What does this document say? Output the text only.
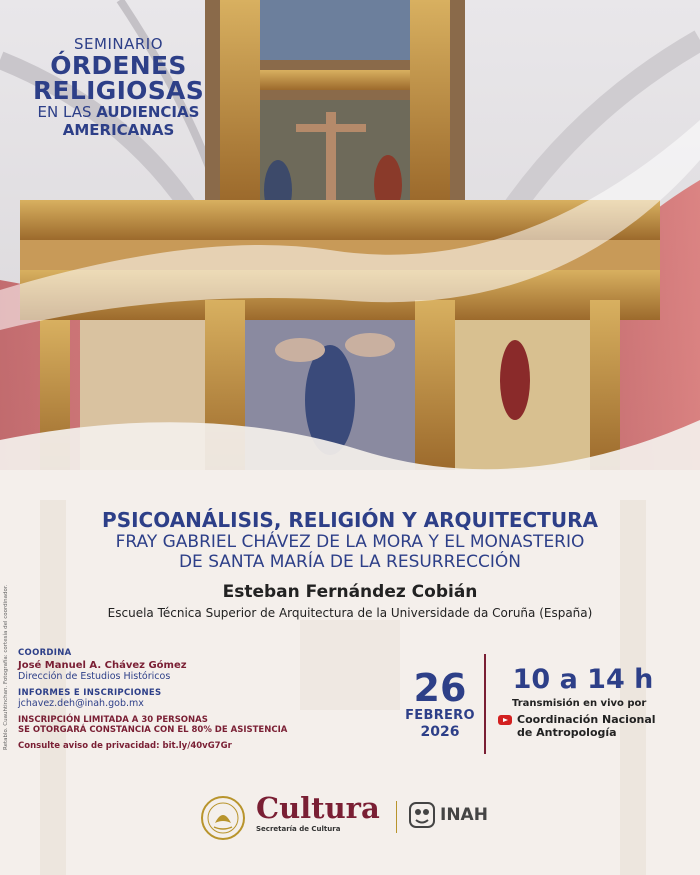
SEMINARIO
ÓRDENES
RELIGIOSAS
EN LAS AUDIENCIAS
AMERICANAS
PSICOANÁLISIS, RELIGIÓN Y ARQUITECTURA
FRAY GABRIEL CHÁVEZ DE LA MORA Y EL MONASTERIO
DE SANTA MARÍA DE LA RESURRECCIÓN
Esteban Fernández Cobián
Escuela Técnica Superior de Arquitectura de la Universidade da Coruña (España)
Retablo. Cuauhtinchan. Fotografía: cortesía del coordinador. COORDINA
José Manuel A. Chávez Gómez
Dirección de Estudios Históricos
INFORMES E INSCRIPCIONES
jchavez.deh@inah.gob.mx
INSCRIPCIÓN LIMITADA A 30 PERSONAS
SE OTORGARÁ CONSTANCIA CON EL 80% DE ASISTENCIA
Consulte aviso de privacidad: bit.ly/40vG7Gr
26
FEBRERO
2026
10 a 14 h
Transmisión en vivo por
Coordinación Nacional
de Antropología
Cultura
Secretaría de Cultura
INAH
